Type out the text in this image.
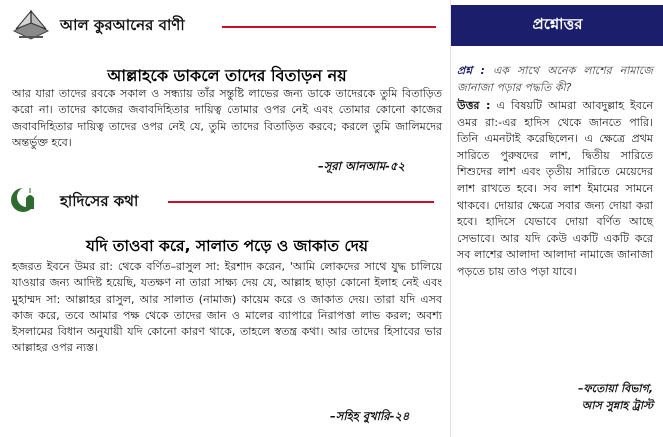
আল কুরআনের বাণী
আল্লাহকে ডাকলে তাদের বিতাড়ন নয়
আর যারা তাদের রবকে সকাল ও সন্ধ্যায় তাঁর সন্তুষ্টি লাভের জন্য ডাকে তাদেরকে তুমি বিতাড়িত করো না। তাদের কাজের জবাবদিহিতার দায়িত্ব তোমার ওপর নেই এবং তোমার কোনো কাজের জবাবদিহিতার দায়িত্ব তাদের ওপর নেই যে, তুমি তাদের বিতাড়িত করবে; করলে তুমি জালিমদের অন্তর্ভুক্ত হবে।
–সূরা আনআম-৫২
হাদিসের কথা
যদি তাওবা করে, সালাত পড়ে ও জাকাত দেয়
হজরত ইবনে উমর রা: থেকে বর্ণিত–রাসুল সা: ইরশাদ করেন, 'আমি লোকদের সাথে যুদ্ধ চালিয়ে যাওয়ার জন্য আদিষ্ট হয়েছি, যতক্ষণ না তারা সাক্ষ্য দেয় যে, আল্লাহ ছাড়া কোনো ইলাহ নেই এবং মুহাম্মদ সা: আল্লাহর রাসুল, আর সালাত (নামাজ) কায়েম করে ও জাকাত দেয়। তারা যদি এসব কাজ করে, তবে আমার পক্ষ থেকে তাদের জান ও মালের ব্যাপারে নিরাপত্তা লাভ করল; অবশ্য ইসলামের বিধান অনুযায়ী যদি কোনো কারণ থাকে, তাহলে স্বতন্ত্র কথা। আর তাদের হিসাবের ভার আল্লাহর ওপর ন্যস্ত।
–সহিহ বুখারি-২৪
প্রশ্নোত্তর
প্রশ্ন : এক সাথে অনেক লাশের নামাজে জানাজা পড়ার পদ্ধতি কী?
উত্তর : এ বিষয়টি আমরা আবদুল্লাহ ইবনে ওমর রা:-এর হাদিস থেকে জানতে পারি। তিনি এমনটাই করেছিলেন। এ ক্ষেত্রে প্রথম সারিতে পুরুষদের লাশ, দ্বিতীয় সারিতে শিশুদের লাশ এবং তৃতীয় সারিতে মেয়েদের লাশ রাখতে হবে। সব লাশ ইমামের সামনে থাকবে। দোয়ার ক্ষেত্রে সবার জন্য দোয়া করা হবে। হাদিসে যেভাবে দোয়া বর্ণিত আছে সেভাবে। আর যদি কেউ একটি একটি করে সব লাশের আলাদা আলাদা নামাজে জানাজা পড়তে চায় তাও পড়া যাবে।
–ফতোয়া বিভাগ,
আস সুন্নাহ ট্রাস্ট
